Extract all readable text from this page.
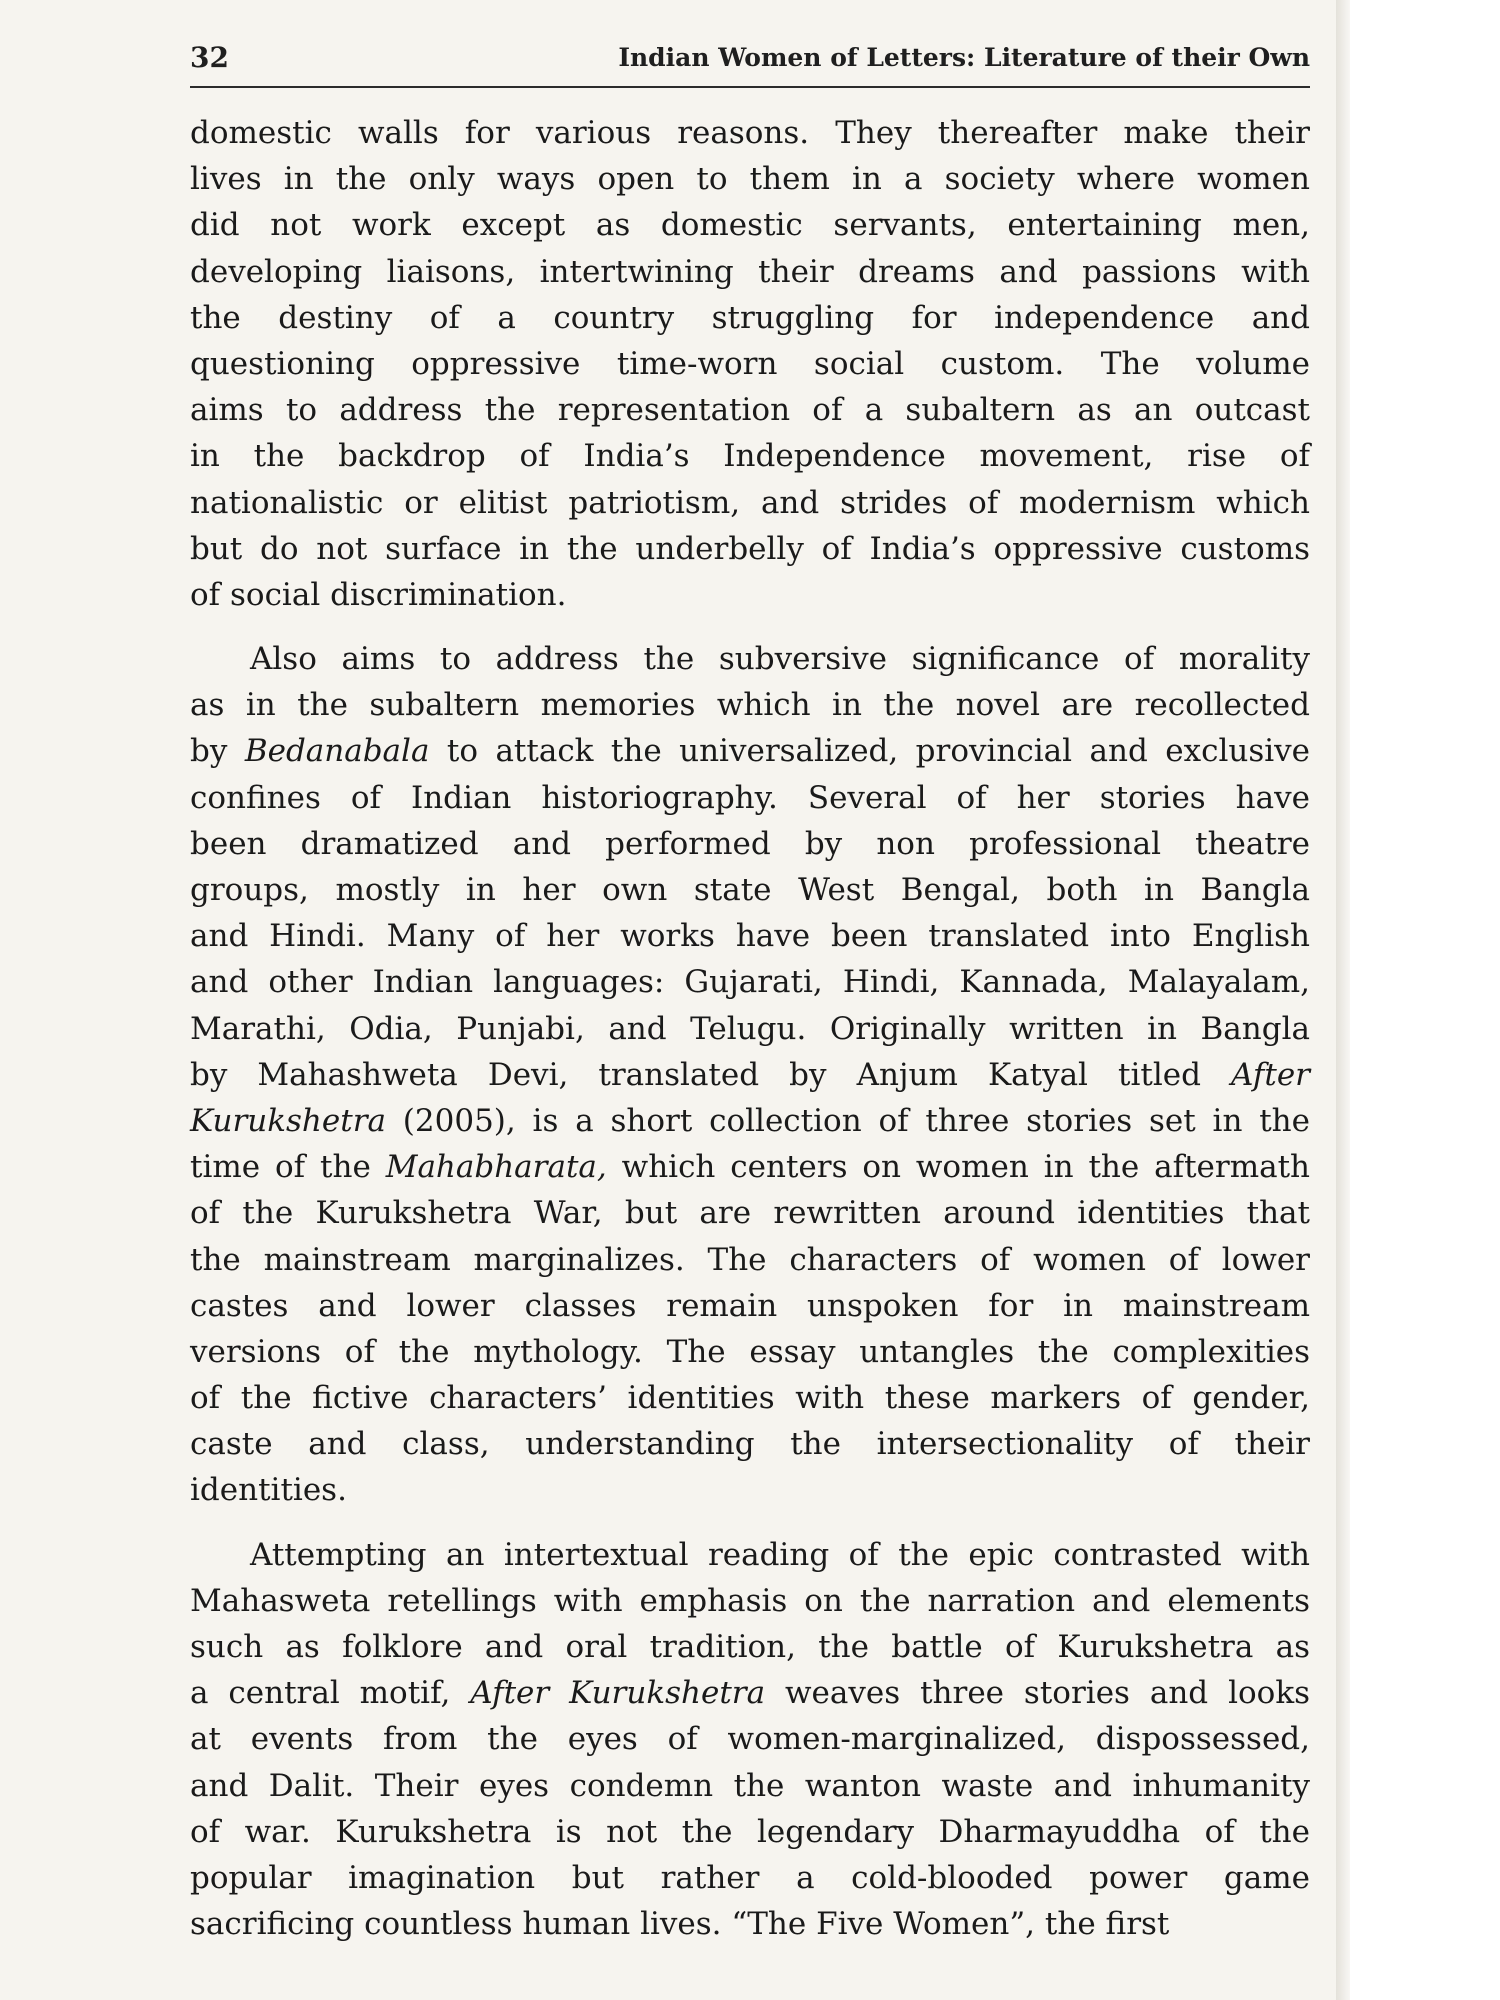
32	Indian Women of Letters: Literature of their Own
domestic walls for various reasons. They thereafter make their
lives in the only ways open to them in a society where women
did not work except as domestic servants, entertaining men,
developing liaisons, intertwining their dreams and passions with
the destiny of a country struggling for independence and
questioning oppressive time-worn social custom. The volume
aims to address the representation of a subaltern as an outcast
in the backdrop of India’s Independence movement, rise of
nationalistic or elitist patriotism, and strides of modernism which
but do not surface in the underbelly of India’s oppressive customs
of social discrimination.
Also aims to address the subversive significance of morality
as in the subaltern memories which in the novel are recollected
by Bedanabala to attack the universalized, provincial and exclusive
confines of Indian historiography. Several of her stories have
been dramatized and performed by non professional theatre
groups, mostly in her own state West Bengal, both in Bangla
and Hindi. Many of her works have been translated into English
and other Indian languages: Gujarati, Hindi, Kannada, Malayalam,
Marathi, Odia, Punjabi, and Telugu. Originally written in Bangla
by Mahashweta Devi, translated by Anjum Katyal titled After
Kurukshetra (2005), is a short collection of three stories set in the
time of the Mahabharata, which centers on women in the aftermath
of the Kurukshetra War, but are rewritten around identities that
the mainstream marginalizes. The characters of women of lower
castes and lower classes remain unspoken for in mainstream
versions of the mythology. The essay untangles the complexities
of the fictive characters’ identities with these markers of gender,
caste and class, understanding the intersectionality of their
identities.
Attempting an intertextual reading of the epic contrasted with
Mahasweta retellings with emphasis on the narration and elements
such as folklore and oral tradition, the battle of Kurukshetra as
a central motif, After Kurukshetra weaves three stories and looks
at events from the eyes of women-marginalized, dispossessed,
and Dalit. Their eyes condemn the wanton waste and inhumanity
of war. Kurukshetra is not the legendary Dharmayuddha of the
popular imagination but rather a cold-blooded power game
sacrificing countless human lives. “The Five Women”, the first
